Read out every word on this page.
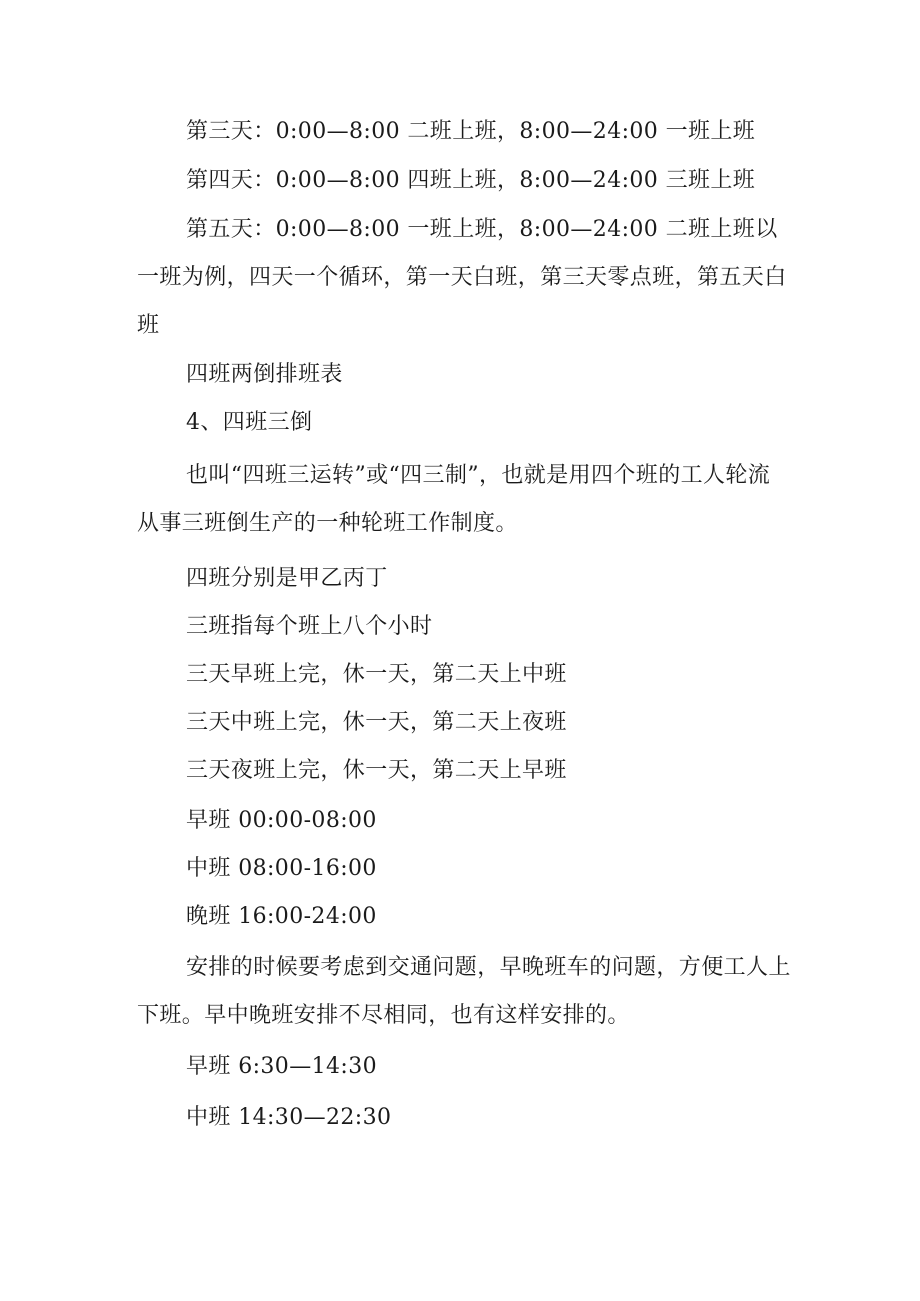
第三天：0:00—8:00 二班上班，8:00—24:00 一班上班

第四天：0:00—8:00 四班上班，8:00—24:00 三班上班

第五天：0:00—8:00 一班上班，8:00—24:00 二班上班以一班为例，四天一个循环，第一天白班，第三天零点班，第五天白班

四班两倒排班表

4、四班三倒

也叫“四班三运转”或“四三制”，也就是用四个班的工人轮流从事三班倒生产的一种轮班工作制度。

四班分别是甲乙丙丁

三班指每个班上八个小时

三天早班上完，休一天，第二天上中班

三天中班上完，休一天，第二天上夜班

三天夜班上完，休一天，第二天上早班

早班 00:00-08:00

中班 08:00-16:00

晚班 16:00-24:00

安排的时候要考虑到交通问题，早晚班车的问题，方便工人上下班。早中晚班安排不尽相同，也有这样安排的。

早班 6:30—14:30

中班 14:30—22:30
